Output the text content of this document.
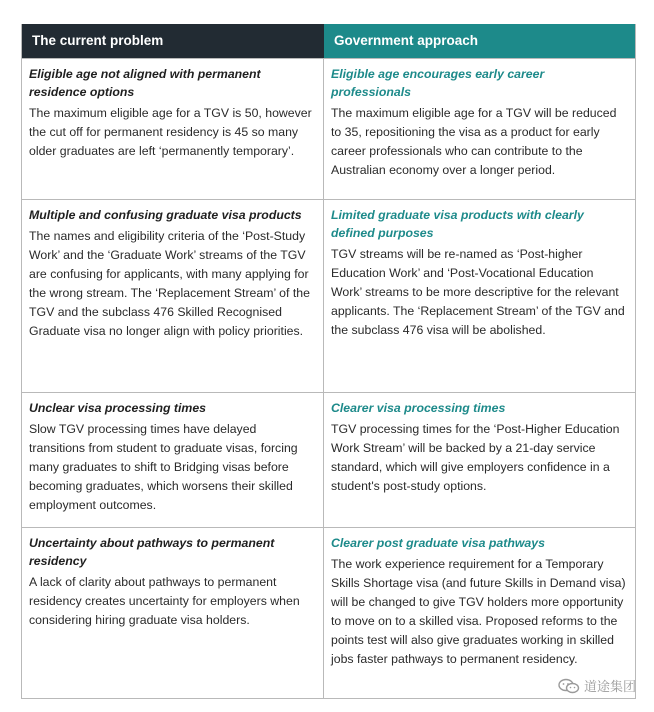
The current problem	Government approach
Eligible age not aligned with permanent residence options
The maximum eligible age for a TGV is 50, however the cut off for permanent residency is 45 so many older graduates are left ‘permanently temporary’.
Eligible age encourages early career professionals
The maximum eligible age for a TGV will be reduced to 35, repositioning the visa as a product for early career professionals who can contribute to the Australian economy over a longer period.
Multiple and confusing graduate visa products
The names and eligibility criteria of the ‘Post-Study Work’ and the ‘Graduate Work’ streams of the TGV are confusing for applicants, with many applying for the wrong stream. The ‘Replacement Stream’ of the TGV and the subclass 476 Skilled Recognised Graduate visa no longer align with policy priorities.
Limited graduate visa products with clearly defined purposes
TGV streams will be re-named as ‘Post-higher Education Work’ and ‘Post-Vocational Education Work’ streams to be more descriptive for the relevant applicants. The ‘Replacement Stream’ of the TGV and the subclass 476 visa will be abolished.
Unclear visa processing times
Slow TGV processing times have delayed transitions from student to graduate visas, forcing many graduates to shift to Bridging visas before becoming graduates, which worsens their skilled employment outcomes.
Clearer visa processing times
TGV processing times for the ‘Post-Higher Education Work Stream’ will be backed by a 21-day service standard, which will give employers confidence in a student's post-study options.
Uncertainty about pathways to permanent residency
A lack of clarity about pathways to permanent residency creates uncertainty for employers when considering hiring graduate visa holders.
Clearer post graduate visa pathways
The work experience requirement for a Temporary Skills Shortage visa (and future Skills in Demand visa) will be changed to give TGV holders more opportunity to move on to a skilled visa. Proposed reforms to the points test will also give graduates working in skilled jobs faster pathways to permanent residency.
道途集团
